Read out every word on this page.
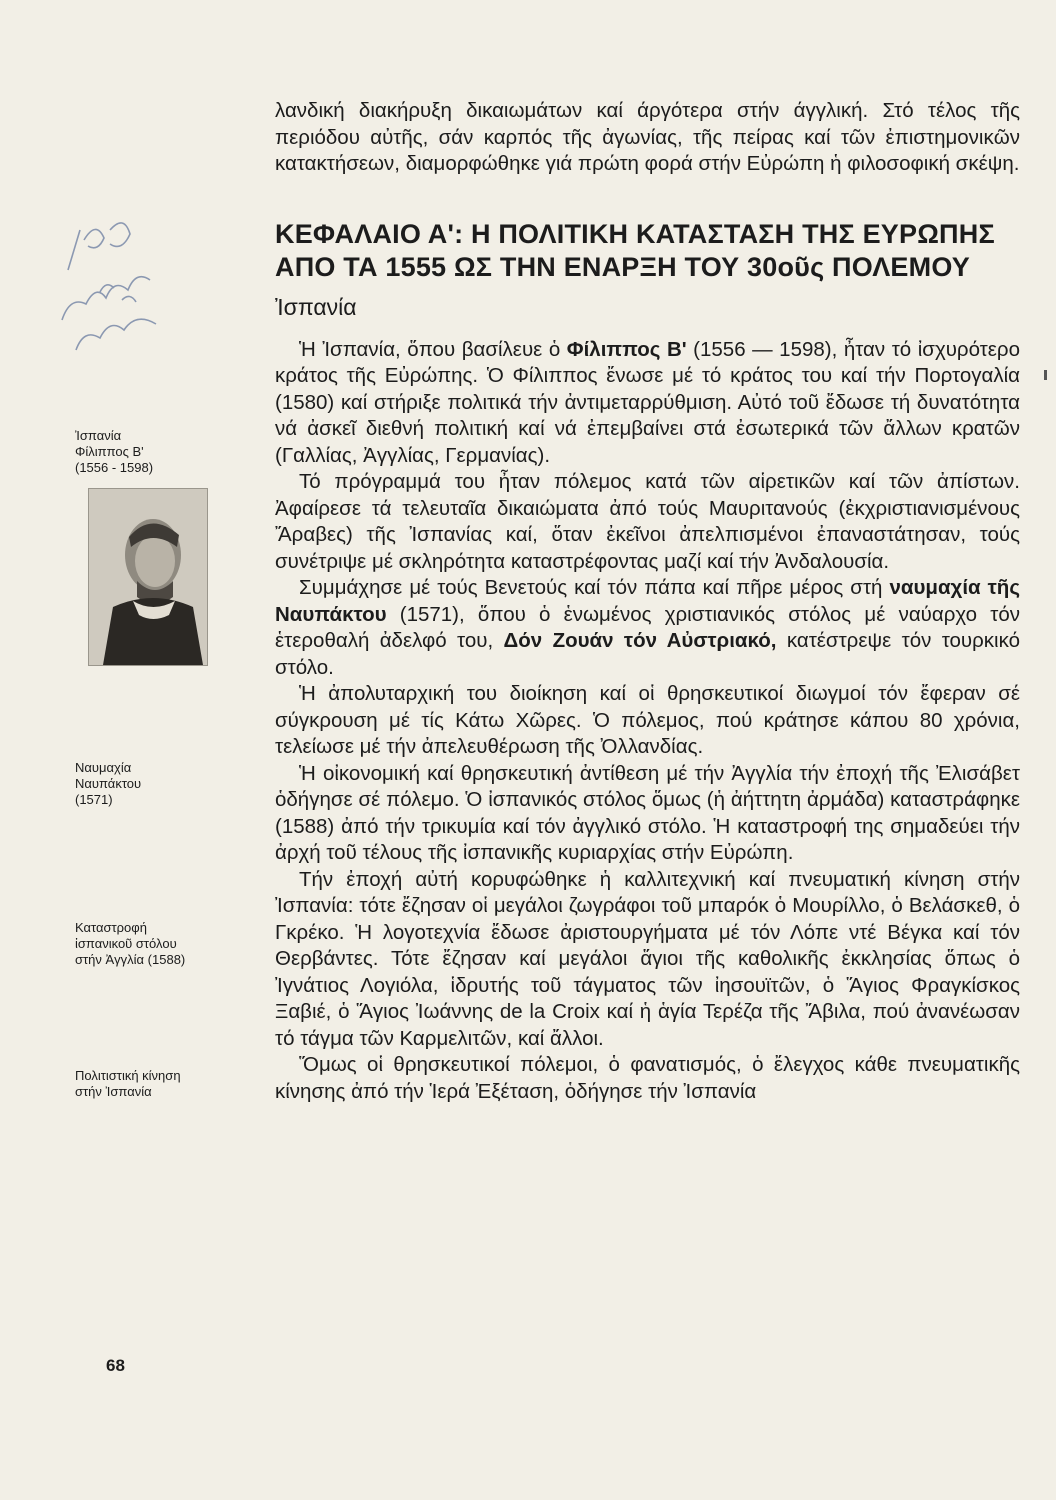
Ἰσπανία
Φίλιππος Β'
(1556 - 1598)
Ναυμαχία
Ναυπάκτου
(1571)
Καταστροφή
ἰσπανικοῦ στόλου
στήν Ἀγγλία (1588)
Πολιτιστική κίνηση
στήν Ἰσπανία
68

λανδική διακήρυξη δικαιωμάτων καί άργότερα στήν άγγλική. Στό τέλος τῆς περιόδου αὐτῆς, σάν καρπός τῆς ἀγωνίας, τῆς πείρας καί τῶν ἐπιστημονικῶν κατακτήσεων, διαμορφώθηκε γιά πρώτη φορά στήν Εὐρώπη ἡ φιλοσοφική σκέψη.

ΚΕΦΑΛΑΙΟ Α': Η ΠΟΛΙΤΙΚΗ ΚΑΤΑΣΤΑΣΗ ΤΗΣ ΕΥΡΩΠΗΣ ΑΠΟ ΤΑ 1555 ΩΣ ΤΗΝ ΕΝΑΡΞΗ ΤΟΥ 30οῦς ΠΟΛΕΜΟΥ
Ἰσπανία

Ἡ Ἰσπανία, ὅπου βασίλευε ὁ Φίλιππος Β' (1556 — 1598), ἦταν τό ἰσχυρότερο κράτος τῆς Εὐρώπης. Ὁ Φίλιππος ἔνωσε μέ τό κράτος του καί τήν Πορτογαλία (1580) καί στήριξε πολιτικά τήν ἀντιμεταρρύθμιση. Αὐτό τοῦ ἔδωσε τή δυνατότητα νά ἀσκεῖ διεθνή πολιτική καί νά ἐπεμβαίνει στά ἐσωτερικά τῶν ἄλλων κρατῶν (Γαλλίας, Ἀγγλίας, Γερμανίας).

Τό πρόγραμμά του ἦταν πόλεμος κατά τῶν αἱρετικῶν καί τῶν ἀπίστων. Ἀφαίρεσε τά τελευταῖα δικαιώματα ἀπό τούς Μαυριτανούς (ἐκχριστιανισμένους Ἄραβες) τῆς Ἰσπανίας καί, ὅταν ἐκεῖνοι ἀπελπισμένοι ἐπαναστάτησαν, τούς συνέτριψε μέ σκληρότητα καταστρέφοντας μαζί καί τήν Ἀνδαλουσία.

Συμμάχησε μέ τούς Βενετούς καί τόν πάπα καί πῆρε μέρος στή ναυμαχία τῆς Ναυπάκτου (1571), ὅπου ὁ ἑνωμένος χριστιανικός στόλος μέ ναύαρχο τόν ἑτεροθαλή ἀδελφό του, Δόν Ζουάν τόν Αὐστριακό, κατέστρεψε τόν τουρκικό στόλο.

Ἡ ἀπολυταρχική του διοίκηση καί οἱ θρησκευτικοί διωγμοί τόν ἔφεραν σέ σύγκρουση μέ τίς Κάτω Χῶρες. Ὁ πόλεμος, πού κράτησε κάπου 80 χρόνια, τελείωσε μέ τήν ἀπελευθέρωση τῆς Ὀλλανδίας.

Ἡ οἰκονομική καί θρησκευτική ἀντίθεση μέ τήν Ἀγγλία τήν ἐποχή τῆς Ἐλισάβετ ὁδήγησε σέ πόλεμο. Ὁ ἰσπανικός στόλος ὅμως (ἡ ἀήττητη ἀρμάδα) καταστράφηκε (1588) ἀπό τήν τρικυμία καί τόν ἀγγλικό στόλο. Ἡ καταστροφή της σημαδεύει τήν ἀρχή τοῦ τέλους τῆς ἰσπανικῆς κυριαρχίας στήν Εὐρώπη.

Τήν ἐποχή αὐτή κορυφώθηκε ἡ καλλιτεχνική καί πνευματική κίνηση στήν Ἰσπανία: τότε ἔζησαν οἱ μεγάλοι ζωγράφοι τοῦ μπαρόκ ὁ Μουρίλλο, ὁ Βελάσκεθ, ὁ Γκρέκο. Ἡ λογοτεχνία ἔδωσε ἀριστουργήματα μέ τόν Λόπε ντέ Βέγκα καί τόν Θερβάντες. Τότε ἔζησαν καί μεγάλοι ἅγιοι τῆς καθολικῆς ἐκκλησίας ὅπως ὁ Ἰγνάτιος Λογιόλα, ἱδρυτής τοῦ τάγματος τῶν ἰησουϊτῶν, ὁ Ἅγιος Φραγκίσκος Ξαβιέ, ὁ Ἅγιος Ἰωάννης de la Croix καί ἡ ἁγία Τερέζα τῆς Ἄβιλα, πού ἀνανέωσαν τό τάγμα τῶν Καρμελιτῶν, καί ἄλλοι.

Ὅμως οἱ θρησκευτικοί πόλεμοι, ὁ φανατισμός, ὁ ἔλεγχος κάθε πνευματικῆς κίνησης ἀπό τήν Ἱερά Ἐξέταση, ὁδήγησε τήν Ἰσπανία
